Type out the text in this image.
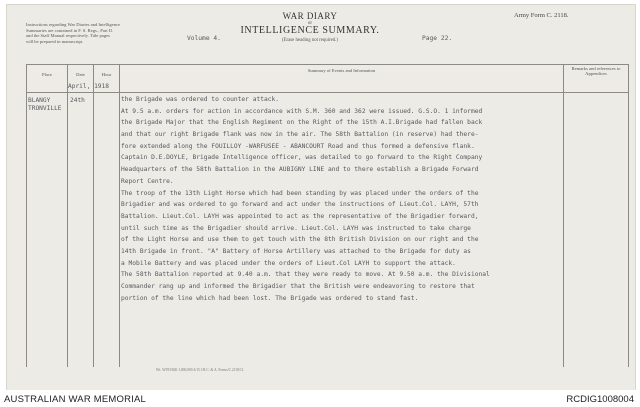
Instructions regarding War Diaries and Intelligence
Summaries are contained in F. S. Regs., Part II.
and the Staff Manual respectively. Title pages
will be prepared in manuscript.
WAR DIARY
or
INTELLIGENCE SUMMARY.
(Erase heading not required.)
Army Form C. 2118.
Volume 4.	Page 22.
Place	Date	Hour
Summary of Events and Information	Remarks and references to Appendices
April, 1918
BLANGY
TRONVILLE
24th	the Brigade was ordered to counter attack.
At 9.5 a.m. orders for action in accordance with S.M. 360 and 362 were issued. G.S.O. 1 informed
the Brigade Major that the English Regiment on the Right of the 15th A.I.Brigade had fallen back
and that our right Brigade flank was now in the air. The 58th Battalion (in reserve) had there-
fore extended along the FOUILLOY -WARFUSEE - ABANCOURT Road and thus formed a defensive flank.
Captain D.E.DOYLE, Brigade Intelligence officer, was detailed to go forward to the Right Company
Headquarters of the 58th Battalion in the AUBIGNY LINE and to there establish a Brigade Forward
Report Centre.
The troop of the 13th Light Horse which had been standing by was placed under the orders of the
Brigadier and was ordered to go forward and act under the instructions of Lieut.Col. LAYH, 57th
Battalion. Lieut.Col. LAYH was appointed to act as the representative of the Brigadier forward,
until such time as the Brigadier should arrive. Lieut.Col. LAYH was instructed to take charge
of the Light Horse and use them to get touch with the 8th British Division on our right and the
14th Brigade in front. "A" Battery of Horse Artillery was attached to the Brigade for duty as
a Mobile Battery and was placed under the orders of Lieut.Col LAYH to support the attack.
The 58th Battalion reported at 9.40 a.m. that they were ready to move. At 9.50 a.m. the Divisional
Commander rang up and informed the Brigadier that the British were endeavoring to restore that
portion of the line which had been lost. The Brigade was ordered to stand fast.
Wt. W593/826 1,000,000 4/15 J.B.C. & A. Forms/C.2118/11.
AUSTRALIAN WAR MEMORIAL	RCDIG1008004
